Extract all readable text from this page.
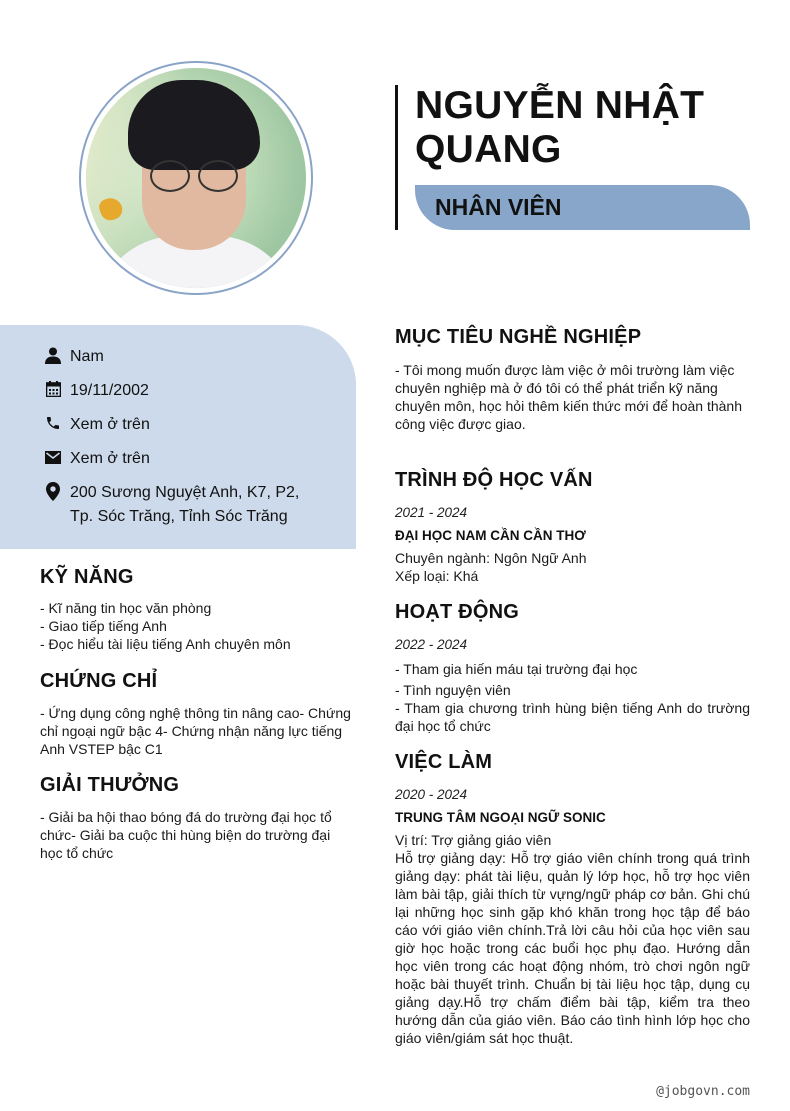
NGUYỄN NHẬT QUANG
NHÂN VIÊN
Nam
19/11/2002
Xem ở trên
Xem ở trên
200 Sương Nguyệt Anh, K7, P2,
Tp. Sóc Trăng, Tỉnh Sóc Trăng
KỸ NĂNG
- Kĩ năng tin học văn phòng
- Giao tiếp tiếng Anh
- Đọc hiểu tài liệu tiếng Anh chuyên môn
CHỨNG CHỈ
- Ứng dụng công nghệ thông tin nâng cao- Chứng chỉ ngoại ngữ bậc 4- Chứng nhận năng lực tiếng Anh VSTEP bậc C1
GIẢI THƯỞNG
- Giải ba hội thao bóng đá do trường đại học tổ chức- Giải ba cuộc thi hùng biện do trường đại học tổ chức
MỤC TIÊU NGHỀ NGHIỆP
- Tôi mong muốn được làm việc ở môi trường làm việc chuyên nghiệp mà ở đó tôi có thể phát triển kỹ năng chuyên môn, học hỏi thêm kiến thức mới để hoàn thành công việc được giao.
TRÌNH ĐỘ HỌC VẤN
2021 - 2024
ĐẠI HỌC NAM CẦN CẦN THƠ
Chuyên ngành: Ngôn Ngữ Anh
Xếp loại: Khá
HOẠT ĐỘNG
2022 - 2024
- Tham gia hiến máu tại trường đại học
- Tình nguyện viên
- Tham gia chương trình hùng biện tiếng Anh do trường đại học tổ chức
VIỆC LÀM
2020 - 2024
TRUNG TÂM NGOẠI NGỮ SONIC
Vị trí: Trợ giảng giáo viên
Hỗ trợ giảng dạy: Hỗ trợ giáo viên chính trong quá trình giảng dạy: phát tài liệu, quản lý lớp học, hỗ trợ học viên làm bài tập, giải thích từ vựng/ngữ pháp cơ bản. Ghi chú lại những học sinh gặp khó khăn trong học tập để báo cáo với giáo viên chính.Trả lời câu hỏi của học viên sau giờ học hoặc trong các buổi học phụ đạo. Hướng dẫn học viên trong các hoạt động nhóm, trò chơi ngôn ngữ hoặc bài thuyết trình. Chuẩn bị tài liệu học tập, dụng cụ giảng dạy.Hỗ trợ chấm điểm bài tập, kiểm tra theo hướng dẫn của giáo viên. Báo cáo tình hình lớp học cho giáo viên/giám sát học thuật.
@jobgovn.com
